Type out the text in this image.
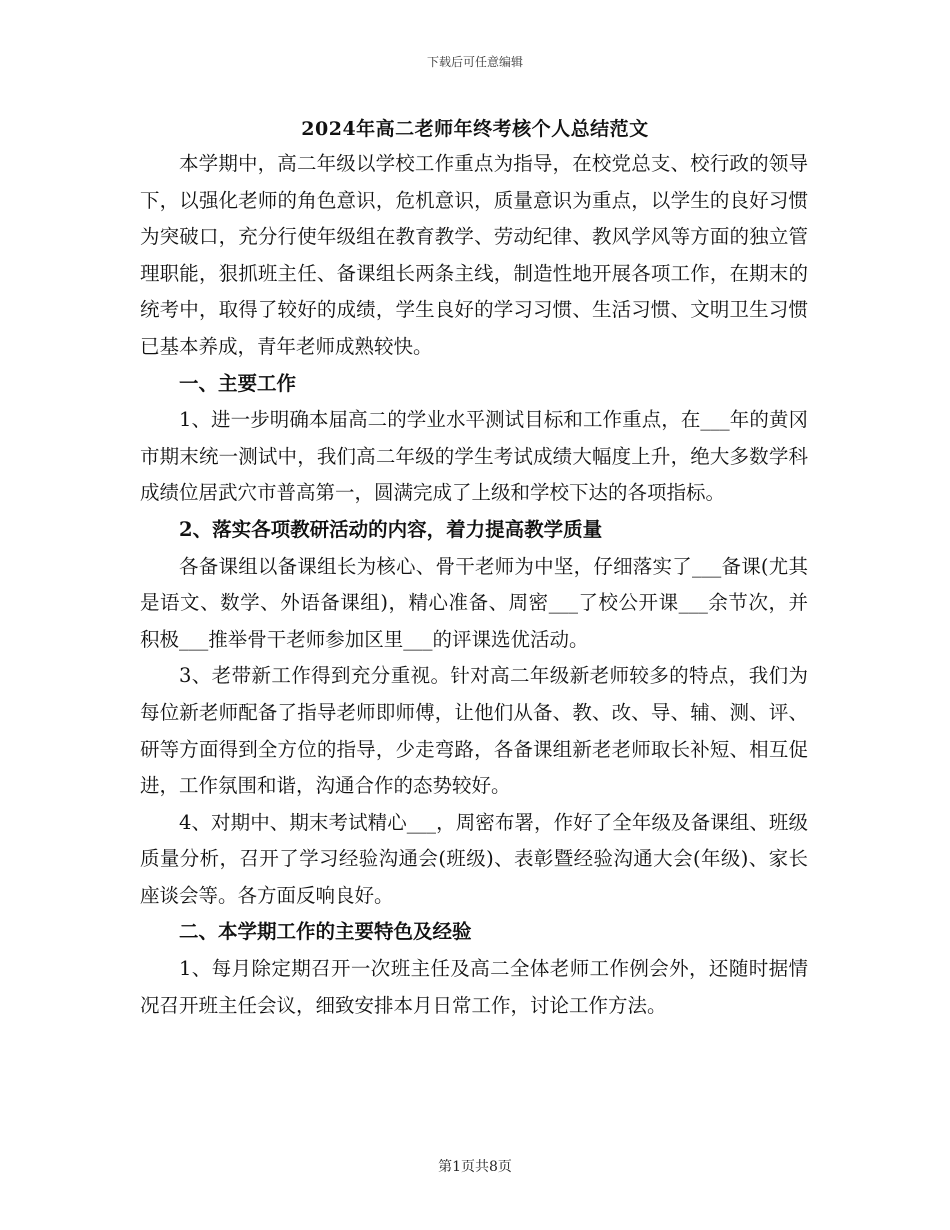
下载后可任意编辑
2024年高二老师年终考核个人总结范文

本学期中，高二年级以学校工作重点为指导，在校党总支、校行政的领导下，以强化老师的角色意识，危机意识，质量意识为重点，以学生的良好习惯为突破口，充分行使年级组在教育教学、劳动纪律、教风学风等方面的独立管理职能，狠抓班主任、备课组长两条主线，制造性地开展各项工作，在期末的统考中，取得了较好的成绩，学生良好的学习习惯、生活习惯、文明卫生习惯已基本养成，青年老师成熟较快。

一、主要工作

1、进一步明确本届高二的学业水平测试目标和工作重点，在___年的黄冈市期末统一测试中，我们高二年级的学生考试成绩大幅度上升，绝大多数学科成绩位居武穴市普高第一，圆满完成了上级和学校下达的各项指标。

2、落实各项教研活动的内容，着力提高教学质量

各备课组以备课组长为核心、骨干老师为中坚，仔细落实了___备课(尤其是语文、数学、外语备课组)，精心准备、周密___了校公开课___余节次，并积极___推举骨干老师参加区里___的评课选优活动。

3、老带新工作得到充分重视。针对高二年级新老师较多的特点，我们为每位新老师配备了指导老师即师傅，让他们从备、教、改、导、辅、测、评、研等方面得到全方位的指导，少走弯路，各备课组新老老师取长补短、相互促进，工作氛围和谐，沟通合作的态势较好。

4、对期中、期末考试精心___，周密布署，作好了全年级及备课组、班级质量分析，召开了学习经验沟通会(班级)、表彰暨经验沟通大会(年级)、家长座谈会等。各方面反响良好。

二、本学期工作的主要特色及经验

1、每月除定期召开一次班主任及高二全体老师工作例会外，还随时据情况召开班主任会议，细致安排本月日常工作，讨论工作方法。

第1页共8页
